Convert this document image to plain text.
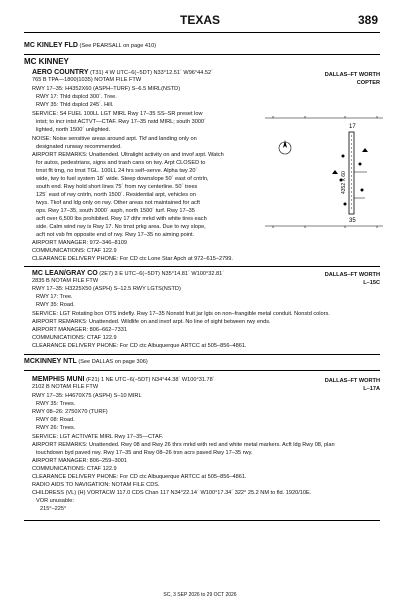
TEXAS	389
MC KINLEY FLD (See PEARSALL on page 410)
MC KINNEY
AERO COUNTRY (T31) 4 W UTC−6(−5DT) N33°12.51´ W96°44.52´
765 B TPA—1800(1035) NOTAM FILE FTW
DALLAS–FT WORTH
COPTER
RWY 17–35: H4352X60 (ASPH–TURF) S–6.5 MIRL(NSTD)
RWY 17: Thld dsplcd 300´. Tree.
RWY 35: Thld dsplcd 245´. Hill.
SERVICE: S4 FUEL 100LL LGT MIRL Rwy 17–35 SS–SR preset low
intst; to incr intst ACTVT—CTAF. Rwy 17–35 nstd MIRL; south 3000´
lighted, north 1500´ unlighted.
NOISE: Noise sensitive areas around arpt. Tkf and landing only on
designated runway recommended.
AIRPORT REMARKS: Unattended. Ultralight activity on and invof arpt. Watch
for autos, pedestrians, signs and trash cans on twy. Arpt CLOSED to
trnst flt trng, no trnst TGL. 100LL 24 hrs self–serve. Alpha twy 20´
wide, twy to fuel system 18´ wide. Steep downslope 50´ east of cntrln,
south end. Rwy hold short lines 75´ from rwy centerline. 50´ trees
125´ east of rwy cntrln, north 1500´. Residential arpt, vehicles on
twys. Tkof and ldg only on rwy. Other areas not maintained for acft
ops. Rwy 17–35, south 3000´ asph, north 1500´ turf. Rwy 17–35
acft over 6,500 lbs prohibited. Rwy 17 dthr mrkd with white tires each
side. Calm wind rwy is Rwy 17. No trnst prkg area. Due to rwy slope,
acft not vsb fm opposite end of rwy. Rwy 17–35 no aiming point.
AIRPORT MANAGER: 972–346–8109
COMMUNICATIONS: CTAF 122.9
CLEARANCE DELIVERY PHONE: For CD ctc Lone Star Apch at 972–615–2799.
17
35
4352 X 60
MC LEAN/GRAY CO (2E7) 3 E UTC−6(−5DT) N35°14.81´ W100°32.81´
2835 B NOTAM FILE FTW
DALLAS–FT WORTH
L–15C
RWY 17–35: H3225X50 (ASPH) S–12.5 RWY LGTS(NSTD)
RWY 17: Tree.
RWY 35: Road.
SERVICE: LGT Rotating bcn OTS indefly. Rwy 17–35 Nonstd fruit jar lgts on non–frangible metal conduit. Nonstd colors.
AIRPORT REMARKS: Unattended. Wildlife on and invof arpt. No line of sight between rwy ends.
AIRPORT MANAGER: 806–662–7331
COMMUNICATIONS: CTAF 122.9
CLEARANCE DELIVERY PHONE: For CD ctc Albuquerque ARTCC at 505–856–4861.
MCKINNEY NTL (See DALLAS on page 306)
MEMPHIS MUNI (F21) 1 NE UTC−6(−5DT) N34°44.38´ W100°31.78´
2102 B NOTAM FILE FTW
DALLAS–FT WORTH
L–17A
RWY 17–35: H4670X75 (ASPH) S–10 MIRL
RWY 35: Trees.
RWY 08–26: 2750X70 (TURF)
RWY 08: Road.
RWY 26: Trees.
SERVICE: LGT ACTIVATE MIRL Rwy 17–35—CTAF.
AIRPORT REMARKS: Unattended. Rwy 08 and Rwy 26 thrs mrkd with red and white metal markers. Acft ldg Rwy 08, plan
touchdown byd paved rwy. Rwy 17–35 and Rwy 08–26 trsn acrs paved Rwy 17–35 rwy.
AIRPORT MANAGER: 806–259–3001
COMMUNICATIONS: CTAF 122.9
CLEARANCE DELIVERY PHONE: For CD ctc Albuquerque ARTCC at 505–856–4861.
RADIO AIDS TO NAVIGATION: NOTAM FILE CDS.
CHILDRESS (VL) (H) VORTACW 117.0 CDS Chan 117 N34°22.14´ W100°17.34´ 322° 25.2 NM to fld. 1920/10E.
VOR unusable:
215°–225°
SC, 3 SEP 2026 to 29 OCT 2026
